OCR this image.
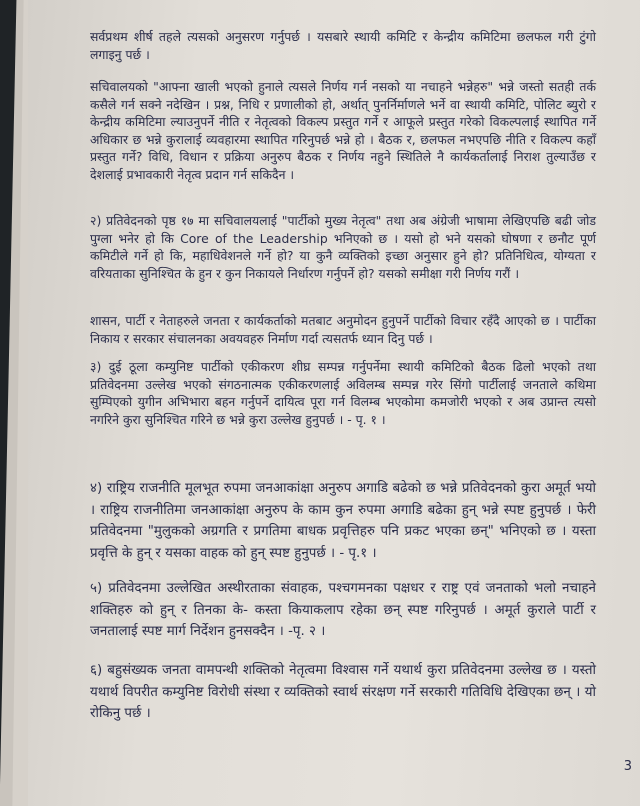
सर्वप्रथम शीर्ष तहले त्यसको अनुसरण गर्नुपर्छ । यसबारे स्थायी कमिटि र केन्द्रीय कमिटिमा छलफल गरी टुंगो लगाइनु पर्छ ।

सचिवालयको "आफ्ना खाली भएको हुनाले त्यसले निर्णय गर्न नसको या नचाहने भन्नेहरु" भन्ने जस्तो सतही तर्क कसैले गर्न सक्ने नदेखिन । प्रश्न, निधि र प्रणालीको हो, अर्थात् पुनर्निर्माणले भर्ने वा स्थायी कमिटि, पोलिट ब्युरो र केन्द्रीय कमिटिमा ल्याउनुपर्ने नीति र नेतृत्वको विकल्प प्रस्तुत गर्ने र आफूले प्रस्तुत गरेको विकल्पलाई स्थापित गर्ने अधिकार छ भन्ने कुरालाई व्यवहारमा स्थापित गरिनुपर्छ भन्ने हो । बैठक र, छलफल नभएपछि नीति र विकल्प कहाँ प्रस्तुत गर्ने? विधि, विधान र प्रक्रिया अनुरुप बैठक र निर्णय नहुने स्थितिले नै कार्यकर्तालाई निराश तुल्याउँछ र देशलाई प्रभावकारी नेतृत्व प्रदान गर्न सकिदैन ।

२) प्रतिवेदनको पृष्ठ १७ मा सचिवालयलाई "पार्टीको मुख्य नेतृत्व" तथा अब अंग्रेजी भाषामा लेखिएपछि बढी जोड पुग्ला भनेर हो कि Core of the Leadership भनिएको छ । यसो हो भने यसको घोषणा र छनौट पूर्ण कमिटीले गर्ने हो कि, महाधिवेशनले गर्ने हो? या कुनै व्यक्तिको इच्छा अनुसार हुने हो? प्रतिनिधित्व, योग्यता र वरियताका सुनिश्चित के हुन र कुन निकायले निर्धारण गर्नुपर्ने हो? यसको समीक्षा गरी निर्णय गरौं ।

शासन, पार्टी र नेताहरुले जनता र कार्यकर्ताको मतबाट अनुमोदन हुनुपर्ने पार्टीको विचार रहँदै आएको छ । पार्टीका निकाय र सरकार संचालनका अवयवहरु निर्माण गर्दा त्यसतर्फ ध्यान दिनु पर्छ ।

३) दुई ठूला कम्युनिष्ट पार्टीको एकीकरण शीघ्र सम्पन्न गर्नुपर्नेमा स्थायी कमिटिको बैठक ढिलो भएको तथा प्रतिवेदनमा उल्लेख भएको संगठनात्मक एकीकरणलाई अविलम्ब सम्पन्न गरेर सिंगो पार्टीलाई जनताले कथिमा सुम्पिएको युगीन अभिभारा बहन गर्नुपर्ने दायित्व पूरा गर्न विलम्ब भएकोमा कमजोरी भएको र अब उप्रान्त त्यसो नगरिने कुरा सुनिश्चित गरिने छ भन्ने कुरा उल्लेख हुनुपर्छ । - पृ. १ ।

४) राष्ट्रिय राजनीति मूलभूत रुपमा जनआकांक्षा अनुरुप अगाडि बढेको छ भन्ने प्रतिवेदनको कुरा अमूर्त भयो । राष्ट्रिय राजनीतिमा जनआकांक्षा अनुरुप के काम कुन रुपमा अगाडि बढेका हुन् भन्ने स्पष्ट हुनुपर्छ । फेरी प्रतिवेदनमा "मुलुकको अग्रगति र प्रगतिमा बाधक प्रवृत्तिहरु पनि प्रकट भएका छन्" भनिएको छ । यस्ता प्रवृत्ति के हुन् र यसका वाहक को हुन् स्पष्ट हुनुपर्छ । - पृ.१ ।

५) प्रतिवेदनमा उल्लेखित अस्थीरताका संवाहक, पश्चगमनका पक्षधर र राष्ट्र एवं जनताको भलो नचाहने शक्तिहरु को हुन् र तिनका के- कस्ता कियाकलाप रहेका छन् स्पष्ट गरिनुपर्छ । अमूर्त कुराले पार्टी र जनतालाई स्पष्ट मार्ग निर्देशन हुनसक्दैन । -पृ. २ ।

६) बहुसंख्यक जनता वामपन्थी शक्तिको नेतृत्वमा विश्वास गर्ने यथार्थ कुरा प्रतिवेदनमा उल्लेख छ । यस्तो यथार्थ विपरीत कम्युनिष्ट विरोधी संस्था र व्यक्तिको स्वार्थ संरक्षण गर्ने सरकारी गतिविधि देखिएका छन् । यो रोकिनु पर्छ ।

3
